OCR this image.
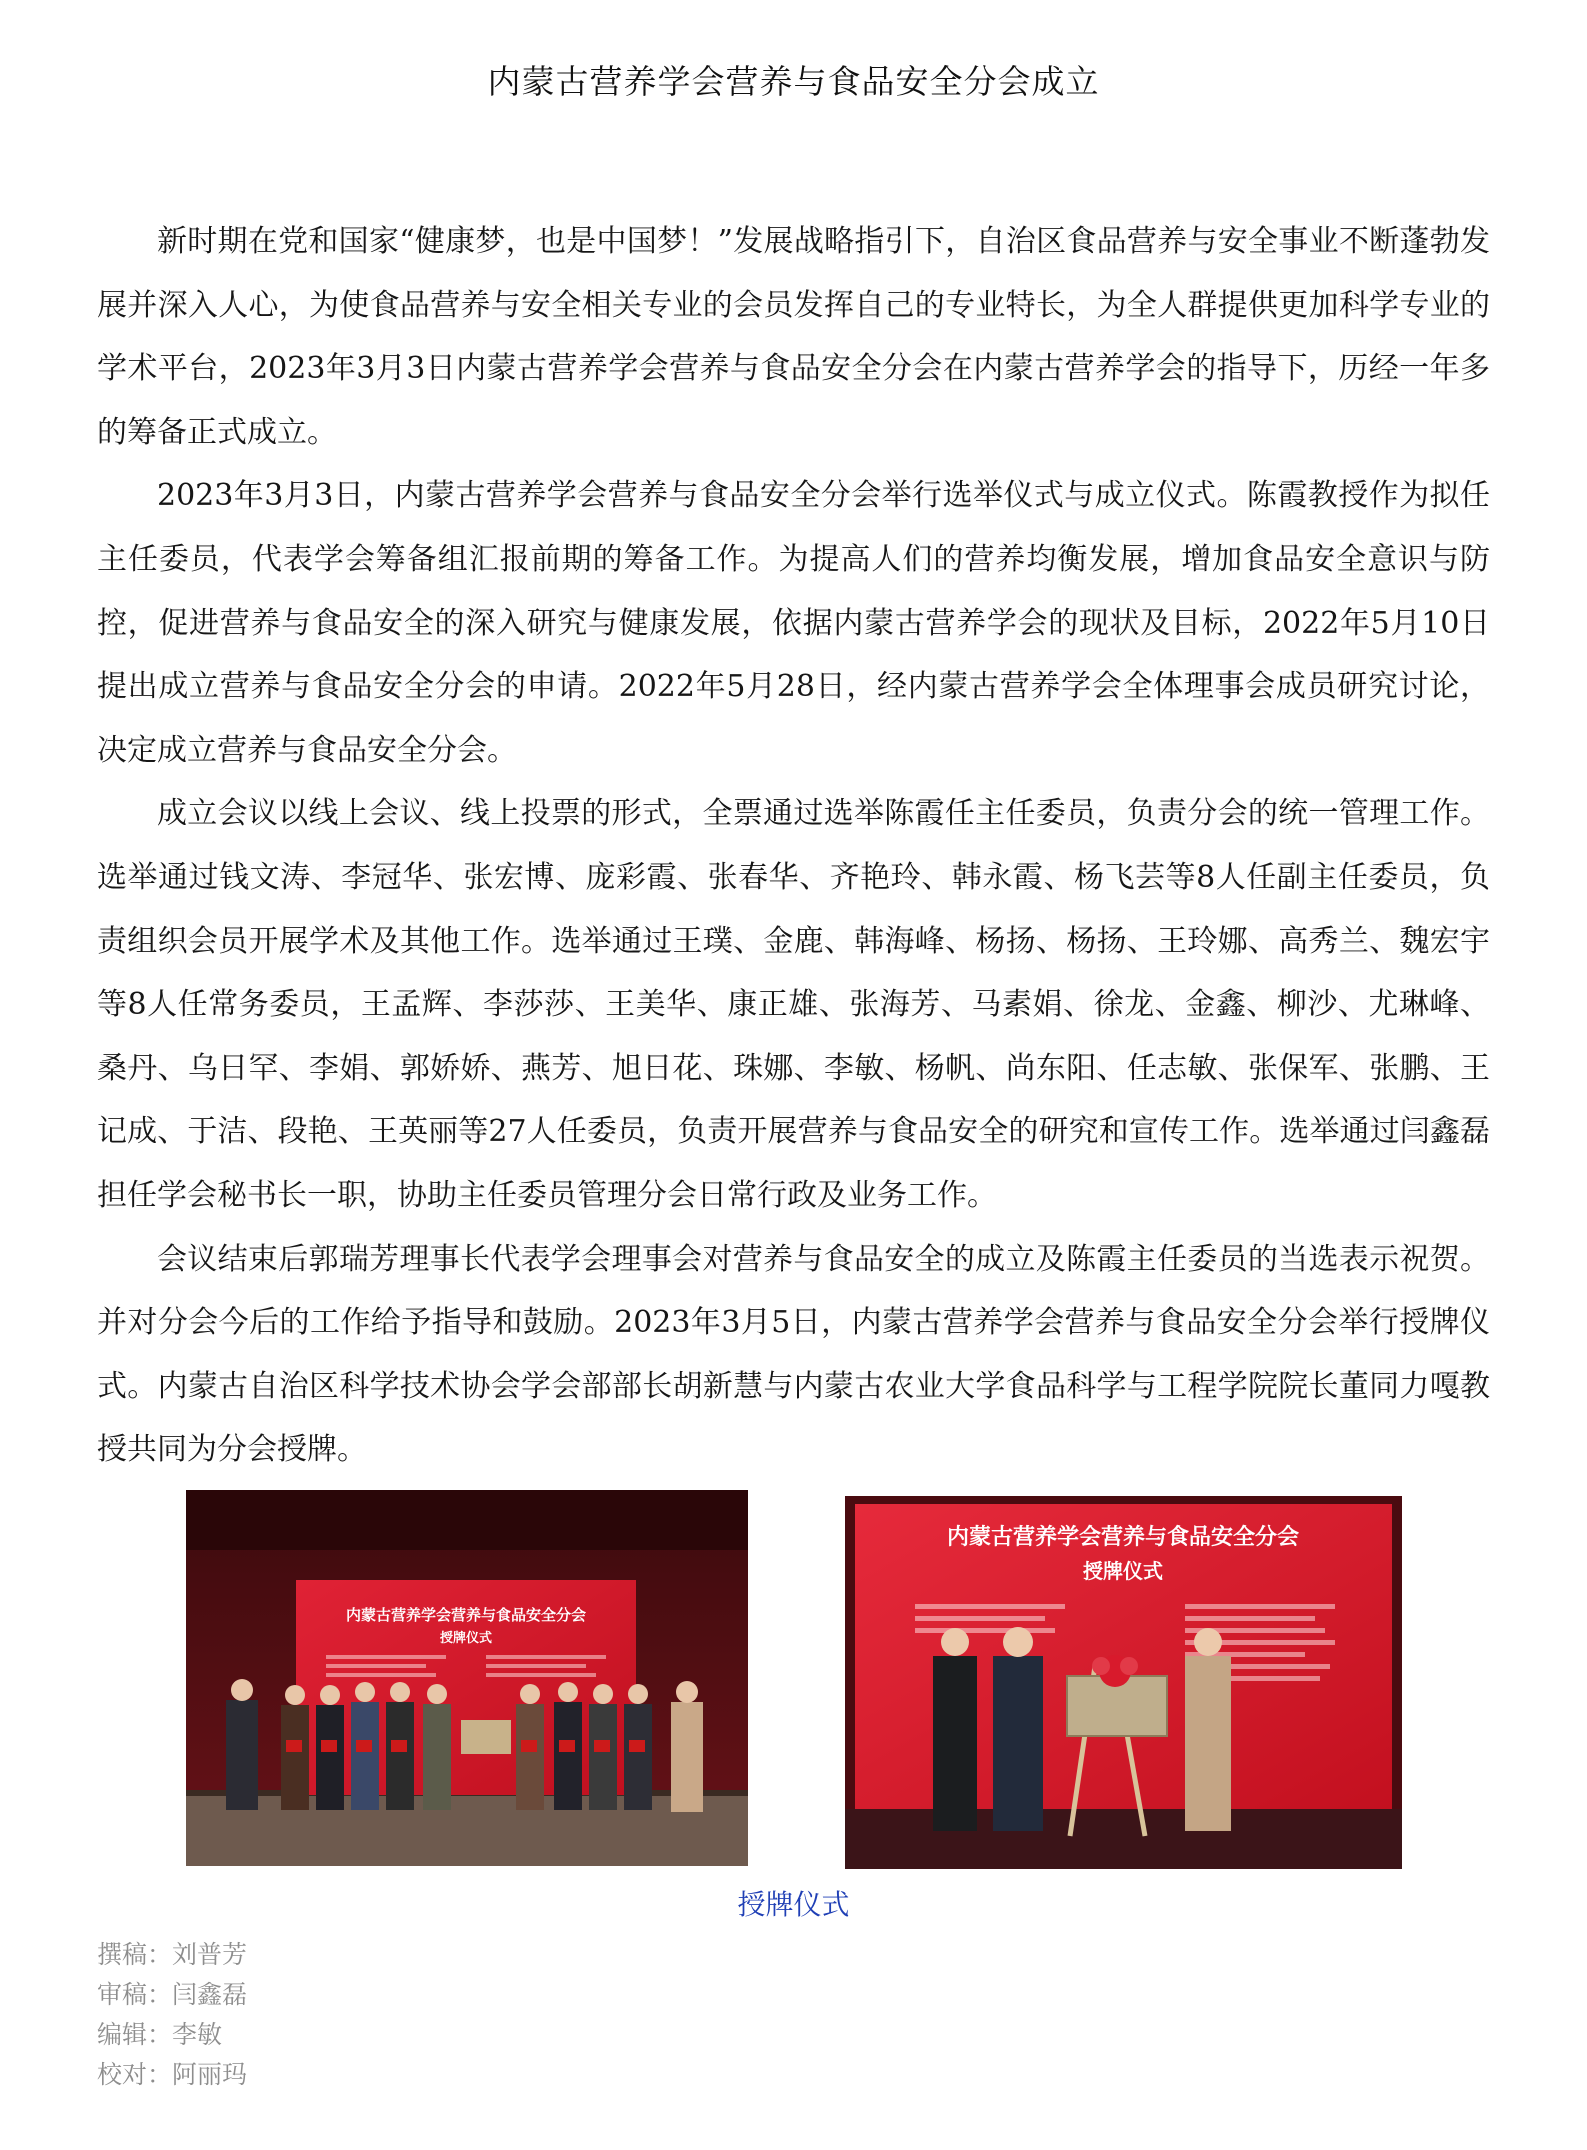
内蒙古营养学会营养与食品安全分会成立

新时期在党和国家“健康梦，也是中国梦！”发展战略指引下，自治区食品营养与安全事业不断蓬勃发展并深入人心，为使食品营养与安全相关专业的会员发挥自己的专业特长，为全人群提供更加科学专业的学术平台，2023年3月3日内蒙古营养学会营养与食品安全分会在内蒙古营养学会的指导下，历经一年多的筹备正式成立。

2023年3月3日，内蒙古营养学会营养与食品安全分会举行选举仪式与成立仪式。陈霞教授作为拟任主任委员，代表学会筹备组汇报前期的筹备工作。为提高人们的营养均衡发展，增加食品安全意识与防控，促进营养与食品安全的深入研究与健康发展，依据内蒙古营养学会的现状及目标，2022年5月10日提出成立营养与食品安全分会的申请。2022年5月28日，经内蒙古营养学会全体理事会成员研究讨论，决定成立营养与食品安全分会。

成立会议以线上会议、线上投票的形式，全票通过选举陈霞任主任委员，负责分会的统一管理工作。选举通过钱文涛、李冠华、张宏博、庞彩霞、张春华、齐艳玲、韩永霞、杨飞芸等8人任副主任委员，负责组织会员开展学术及其他工作。选举通过王璞、金鹿、韩海峰、杨扬、杨扬、王玲娜、高秀兰、魏宏宇等8人任常务委员，王孟辉、李莎莎、王美华、康正雄、张海芳、马素娟、徐龙、金鑫、柳沙、尤琳峰、桑丹、乌日罕、李娟、郭娇娇、燕芳、旭日花、珠娜、李敏、杨帆、尚东阳、任志敏、张保军、张鹏、王记成、于洁、段艳、王英丽等27人任委员，负责开展营养与食品安全的研究和宣传工作。选举通过闫鑫磊担任学会秘书长一职，协助主任委员管理分会日常行政及业务工作。

会议结束后郭瑞芳理事长代表学会理事会对营养与食品安全的成立及陈霞主任委员的当选表示祝贺。并对分会今后的工作给予指导和鼓励。2023年3月5日，内蒙古营养学会营养与食品安全分会举行授牌仪式。内蒙古自治区科学技术协会学会部部长胡新慧与内蒙古农业大学食品科学与工程学院院长董同力嘎教授共同为分会授牌。

内蒙古营养学会营养与食品安全分会
授牌仪式
内蒙古营养学会营养与食品安全分会
授牌仪式
授牌仪式
撰稿：刘普芳
审稿：闫鑫磊
编辑：李敏
校对：阿丽玛
